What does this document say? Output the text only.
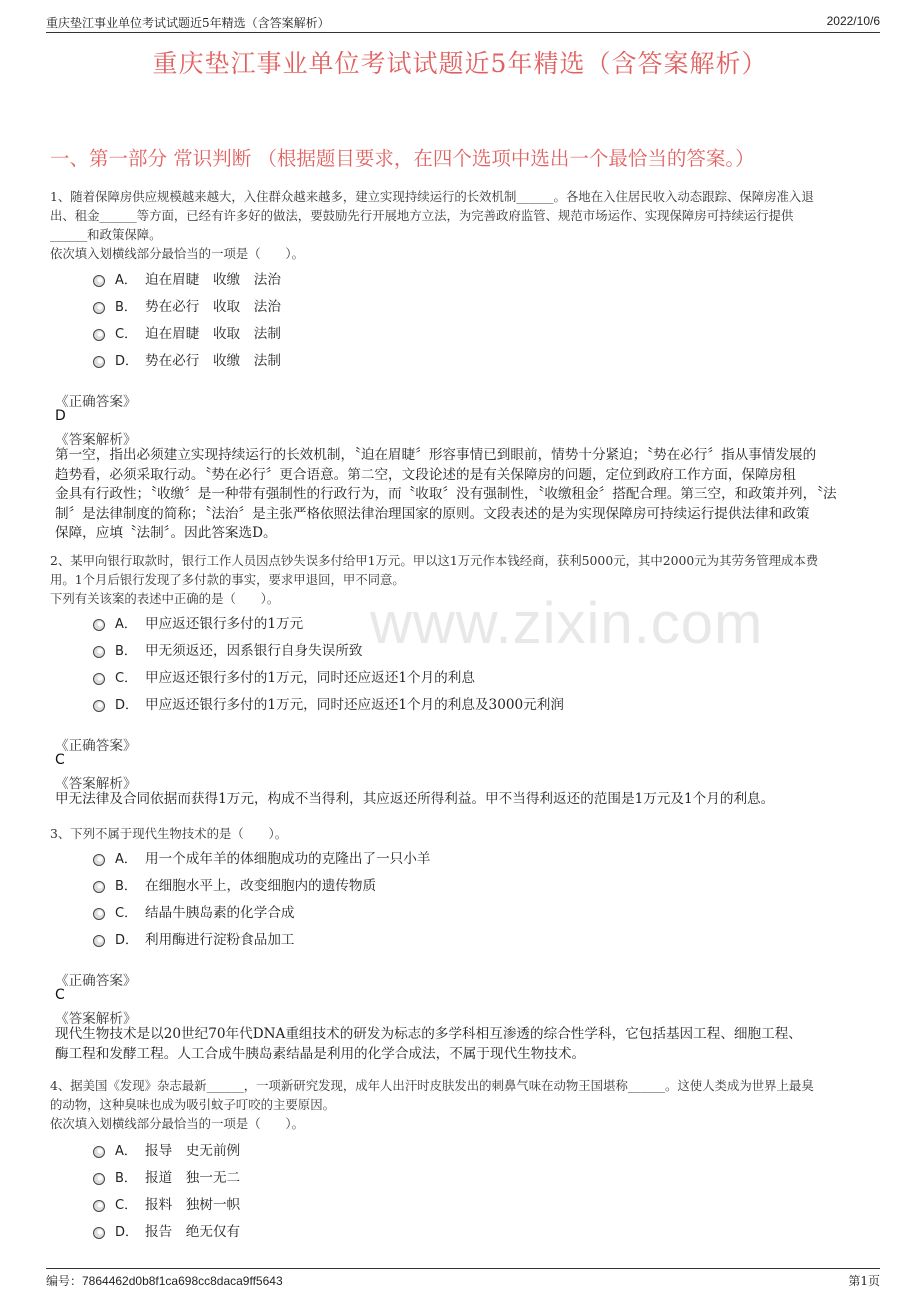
重庆垫江事业单位考试试题近5年精选（含答案解析）	2022/10/6
重庆垫江事业单位考试试题近5年精选（含答案解析）
一、第一部分 常识判断 （根据题目要求，在四个选项中选出一个最恰当的答案。）
www.zixin.com
1、随着保障房供应规模越来越大，入住群众越来越多，建立实现持续运行的长效机制______。各地在入住居民收入动态跟踪、保障房准入退
出、租金______等方面，已经有许多好的做法，要鼓励先行开展地方立法，为完善政府监管、规范市场运作、实现保障房可持续运行提供
______和政策保障。
依次填入划横线部分最恰当的一项是（　　）。
A． 迫在眉睫　收缴　法治
B． 势在必行　收取　法治
C． 迫在眉睫　收取　法制
D． 势在必行　收缴　法制
《正确答案》
D
《答案解析》
第一空，指出必须建立实现持续运行的长效机制，〝迫在眉睫〞形容事情已到眼前，情势十分紧迫；〝势在必行〞指从事情发展的
趋势看，必须采取行动。〝势在必行〞更合语意。第二空，文段论述的是有关保障房的问题，定位到政府工作方面，保障房租
金具有行政性；〝收缴〞是一种带有强制性的行政行为，而〝收取〞没有强制性，〝收缴租金〞搭配合理。第三空，和政策并列，〝法
制〞是法律制度的简称；〝法治〞是主张严格依照法律治理国家的原则。文段表述的是为实现保障房可持续运行提供法律和政策
保障，应填〝法制〞。因此答案选D。
2、某甲向银行取款时，银行工作人员因点钞失误多付给甲1万元。甲以这1万元作本钱经商，获利5000元，其中2000元为其劳务管理成本费
用。1个月后银行发现了多付款的事实，要求甲退回，甲不同意。
下列有关该案的表述中正确的是（　　）。
A． 甲应返还银行多付的1万元
B． 甲无须返还，因系银行自身失误所致
C． 甲应返还银行多付的1万元，同时还应返还1个月的利息
D． 甲应返还银行多付的1万元，同时还应返还1个月的利息及3000元利润
《正确答案》
C
《答案解析》
甲无法律及合同依据而获得1万元，构成不当得利，其应返还所得利益。甲不当得利返还的范围是1万元及1个月的利息。
3、下列不属于现代生物技术的是（　　）。
A． 用一个成年羊的体细胞成功的克隆出了一只小羊
B． 在细胞水平上，改变细胞内的遗传物质
C． 结晶牛胰岛素的化学合成
D． 利用酶进行淀粉食品加工
《正确答案》
C
《答案解析》
现代生物技术是以20世纪70年代DNA重组技术的研发为标志的多学科相互渗透的综合性学科，它包括基因工程、细胞工程、
酶工程和发酵工程。人工合成牛胰岛素结晶是利用的化学合成法，不属于现代生物技术。
4、据美国《发现》杂志最新______，一项新研究发现，成年人出汗时皮肤发出的刺鼻气味在动物王国堪称______。这使人类成为世界上最臭
的动物，这种臭味也成为吸引蚊子叮咬的主要原因。
依次填入划横线部分最恰当的一项是（　　）。
A． 报导　史无前例
B． 报道　独一无二
C． 报料　独树一帜
D． 报告　绝无仅有
编号：7864462d0b8f1ca698cc8daca9ff5643	第1页
